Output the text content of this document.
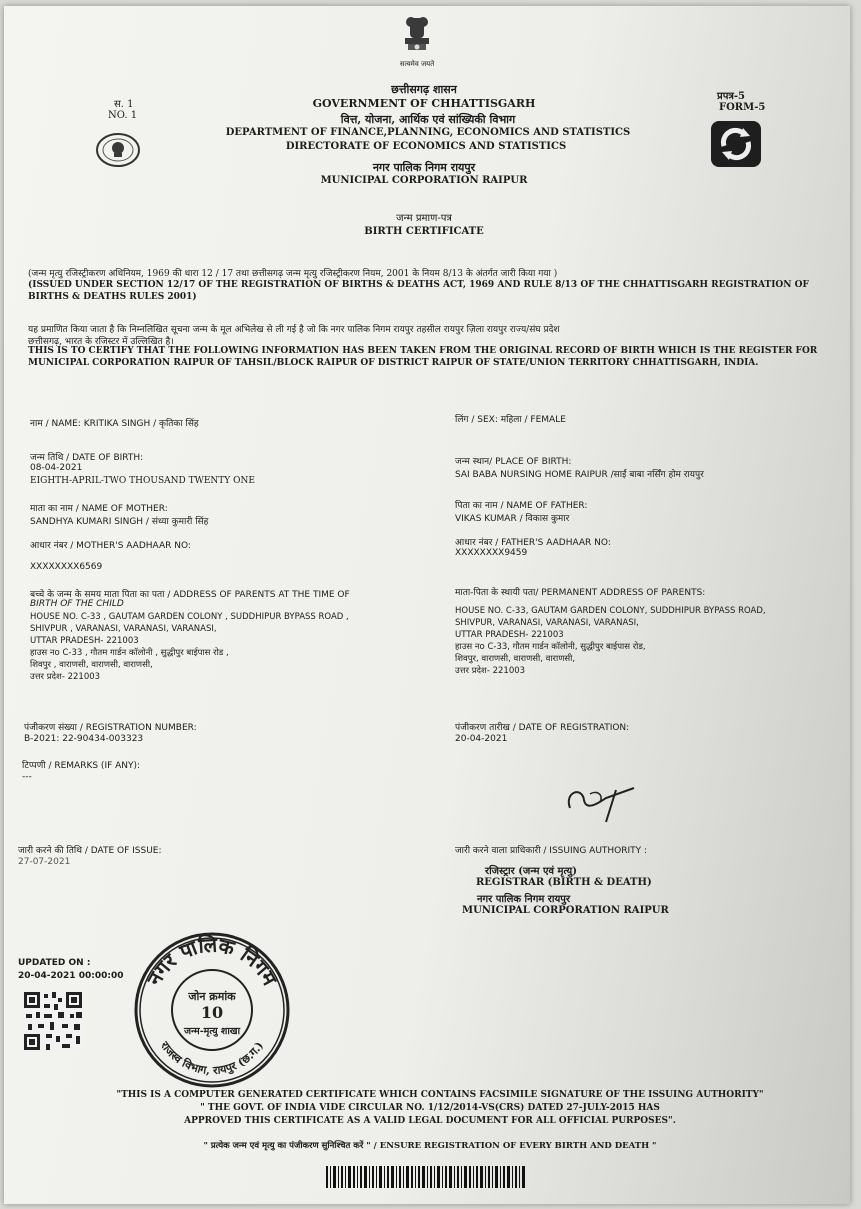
सत्यमेव जयते
स. 1
NO. 1
प्रपत्र-5
FORM-5
छत्तीसगढ़ शासन
GOVERNMENT OF CHHATTISGARH
वित्त, योजना, आर्थिक एवं सांख्यिकी विभाग
DEPARTMENT OF FINANCE,PLANNING, ECONOMICS AND STATISTICS
DIRECTORATE OF ECONOMICS AND STATISTICS
नगर पालिक निगम रायपुर
MUNICIPAL CORPORATION RAIPUR
जन्म प्रमाण-पत्र
BIRTH CERTIFICATE
(जन्म मृत्यु रजिस्ट्रीकरण अधिनियम, 1969 की धारा 12 / 17 तथा छत्तीसगढ़ जन्म मृत्यु रजिस्ट्रीकरण नियम, 2001 के नियम 8/13 के अंतर्गत जारी किया गया )
(ISSUED UNDER SECTION 12/17 OF THE REGISTRATION OF BIRTHS & DEATHS ACT, 1969 AND RULE 8/13 OF THE CHHATTISGARH REGISTRATION OF
BIRTHS & DEATHS RULES 2001)
यह प्रमाणित किया जाता है कि निम्नलिखित सूचना जन्म के मूल अभिलेख से ली गई है जो कि नगर पालिक निगम रायपुर तहसील रायपुर ज़िला रायपुर राज्य/संघ प्रदेश
छत्तीसगढ़, भारत के रजिस्टर में उल्लिखित है।
THIS IS TO CERTIFY THAT THE FOLLOWING INFORMATION HAS BEEN TAKEN FROM THE ORIGINAL RECORD OF BIRTH WHICH IS THE REGISTER FOR
MUNICIPAL CORPORATION RAIPUR OF TAHSIL/BLOCK RAIPUR OF DISTRICT RAIPUR OF STATE/UNION TERRITORY CHHATTISGARH, INDIA.
नाम / NAME: KRITIKA SINGH / कृतिका सिंह
जन्म तिथि / DATE OF BIRTH:
08-04-2021
EIGHTH-APRIL-TWO THOUSAND TWENTY ONE
माता का नाम / NAME OF MOTHER:
SANDHYA KUMARI SINGH / संध्या कुमारी सिंह
आधार नंबर / MOTHER'S AADHAAR NO:
XXXXXXXX6569
बच्चे के जन्म के समय माता पिता का पता / ADDRESS OF PARENTS AT THE TIME OF
BIRTH OF THE CHILD
HOUSE NO. C-33 , GAUTAM GARDEN COLONY , SUDDHIPUR BYPASS ROAD ,
SHIVPUR , VARANASI, VARANASI, VARANASI,
UTTAR PRADESH- 221003
हाउस नo C-33 , गौतम गार्डन कॉलोनी , सुद्धीपुर बाईपास रोड ,
शिवपुर , वाराणसी, वाराणसी, वाराणसी,
उत्तर प्रदेश- 221003
पंजीकरण संख्या / REGISTRATION NUMBER:
B-2021: 22-90434-003323
टिप्पणी / REMARKS (IF ANY):
---
जारी करने की तिथि / DATE OF ISSUE:
27-07-2021
लिंग / SEX: महिला / FEMALE
जन्म स्थान/ PLACE OF BIRTH:
SAI BABA NURSING HOME RAIPUR /साईं बाबा नर्सिंग होम रायपुर
पिता का नाम / NAME OF FATHER:
VIKAS KUMAR / विकास कुमार
आधार नंबर / FATHER'S AADHAAR NO:
XXXXXXXX9459
माता-पिता के स्थायी पता/ PERMANENT ADDRESS OF PARENTS:
HOUSE NO. C-33, GAUTAM GARDEN COLONY, SUDDHIPUR BYPASS ROAD,
SHIVPUR, VARANASI, VARANASI, VARANASI,
UTTAR PRADESH- 221003
हाउस नo C-33, गौतम गार्डन कॉलोनी, सुद्धीपुर बाईपास रोड,
शिवपुर, वाराणसी, वाराणसी, वाराणसी,
उत्तर प्रदेश- 221003
पंजीकरण तारीख / DATE OF REGISTRATION:
20-04-2021
जारी करने वाला प्राधिकारी / ISSUING AUTHORITY :
रजिस्ट्रार (जन्म एवं मृत्यु)
REGISTRAR (BIRTH & DEATH)
नगर पालिक निगम रायपुर
MUNICIPAL CORPORATION RAIPUR
UPDATED ON :
20-04-2021 00:00:00 नगर पालिक निगम
राजस्व विभाग, रायपुर (छ.ग.)
जोन क्रमांक
10
जन्म-मृत्यु शाखा
"THIS IS A COMPUTER GENERATED CERTIFICATE WHICH CONTAINS FACSIMILE SIGNATURE OF THE ISSUING AUTHORITY"
" THE GOVT. OF INDIA VIDE CIRCULAR NO. 1/12/2014-VS(CRS) DATED 27-JULY-2015 HAS
APPROVED THIS CERTIFICATE AS A VALID LEGAL DOCUMENT FOR ALL OFFICIAL PURPOSES".
" प्रत्येक जन्म एवं मृत्यु का पंजीकरण सुनिश्चित करें " / ENSURE REGISTRATION OF EVERY BIRTH AND DEATH "
